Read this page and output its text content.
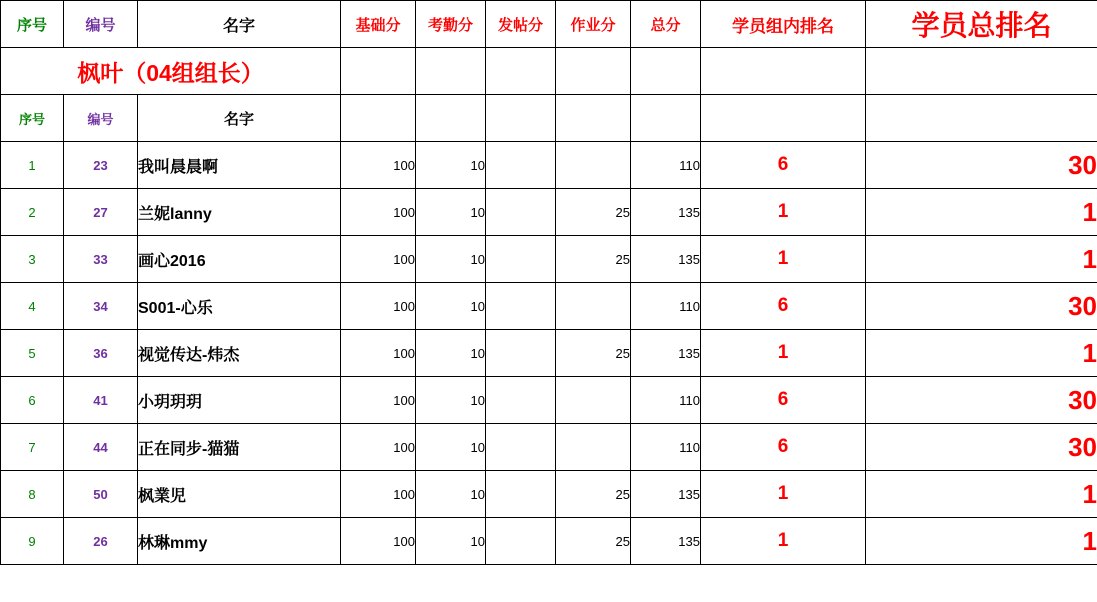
序号	编号	名字	基础分	考勤分	发帖分	作业分	总分	学员组内排名	学员总排名
枫叶（04组组长）									
序号	编号	名字							
1	23	我叫晨晨啊	100	10			110	6	30
2	27	兰妮lanny	100	10		25	135	1	1
3	33	画心2016	100	10		25	135	1	1
4	34	S001-心乐	100	10			110	6	30
5	36	视觉传达-炜杰	100	10		25	135	1	1
6	41	小玥玥玥	100	10			110	6	30
7	44	正在同步-猫猫	100	10			110	6	30
8	50	枫業児	100	10		25	135	1	1
9	26	林琳mmy	100	10		25	135	1	1
